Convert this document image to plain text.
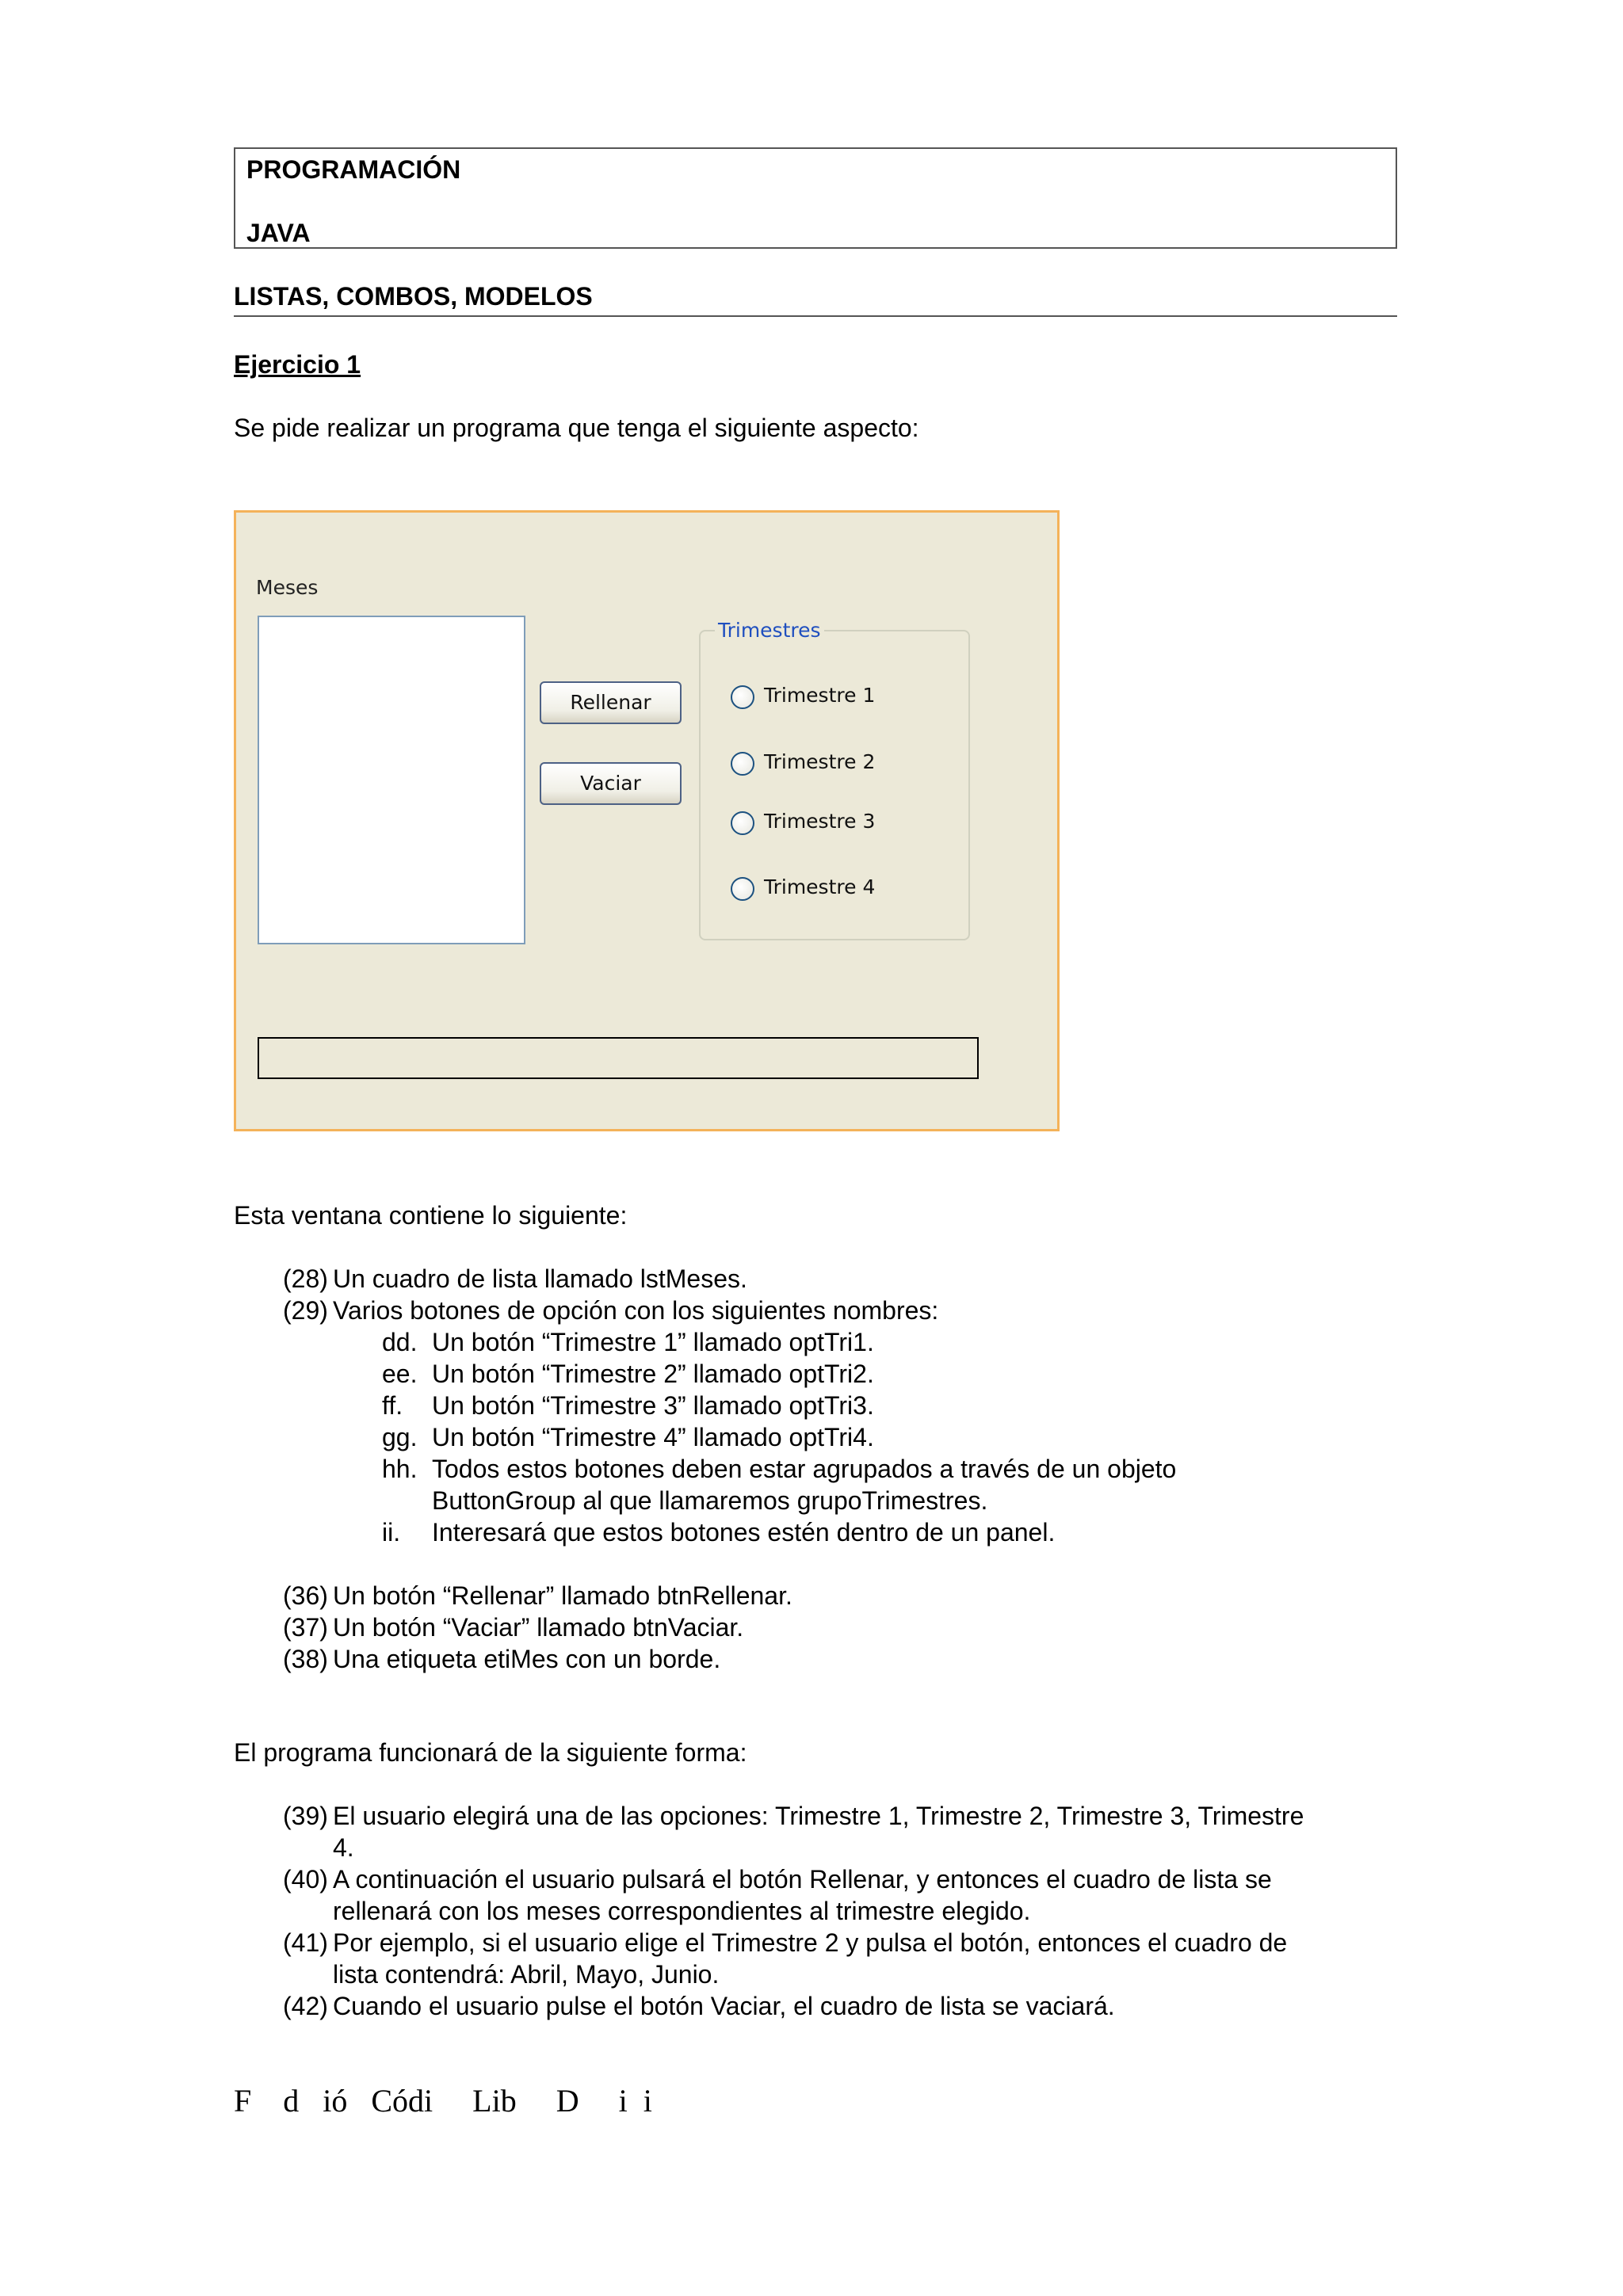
PROGRAMACIÓN
JAVA
LISTAS, COMBOS, MODELOS
Ejercicio 1
Se pide realizar un programa que tenga el siguiente aspecto:
Meses
Rellenar
Vaciar
Trimestres
Trimestre 1
Trimestre 2
Trimestre 3
Trimestre 4
Esta ventana contiene lo siguiente:
(28) Un cuadro de lista llamado lstMeses.
(29) Varios botones de opción con los siguientes nombres:
dd. Un botón “Trimestre 1” llamado optTri1.
ee. Un botón “Trimestre 2” llamado optTri2.
ff. Un botón “Trimestre 3” llamado optTri3.
gg. Un botón “Trimestre 4” llamado optTri4.
hh. Todos estos botones deben estar agrupados a través de un objeto
ButtonGroup al que llamaremos grupoTrimestres.
ii. Interesará que estos botones estén dentro de un panel.
(36) Un botón “Rellenar” llamado btnRellenar.
(37) Un botón “Vaciar” llamado btnVaciar.
(38) Una etiqueta etiMes con un borde.
El programa funcionará de la siguiente forma:
(39) El usuario elegirá una de las opciones: Trimestre 1, Trimestre 2, Trimestre 3, Trimestre
4.
(40) A continuación el usuario pulsará el botón Rellenar, y entonces el cuadro de lista se
rellenará con los meses correspondientes al trimestre elegido.
(41) Por ejemplo, si el usuario elige el Trimestre 2 y pulsa el botón, entonces el cuadro de
lista contendrá: Abril, Mayo, Junio.
(42) Cuando el usuario pulse el botón Vaciar, el cuadro de lista se vaciará.
F    d   ió   Códi     Lib     D     i  i
